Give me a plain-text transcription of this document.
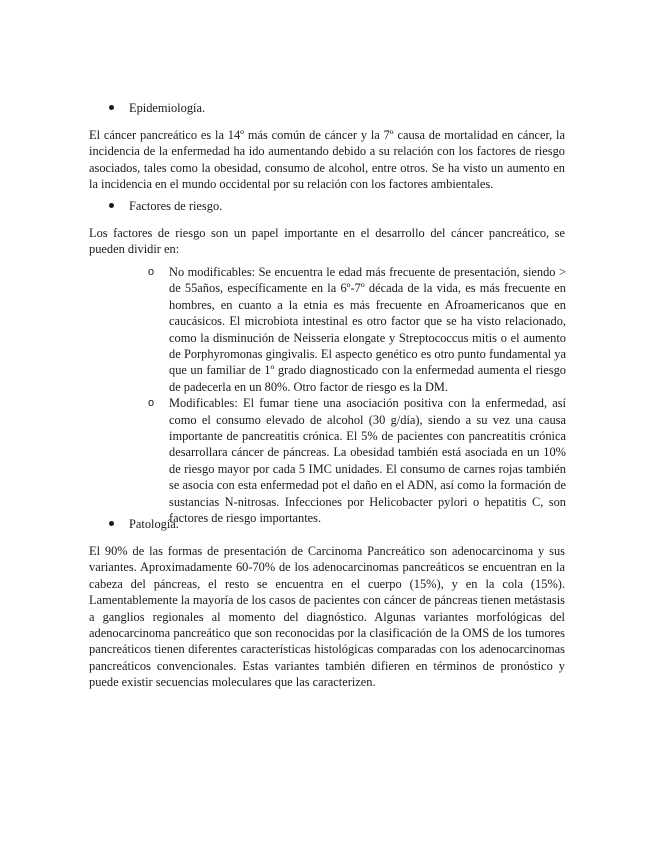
Epidemiología.
El cáncer pancreático es la 14º más común de cáncer y la 7º causa de mortalidad en cáncer, la incidencia de la enfermedad ha ido aumentando debido a su relación con los factores de riesgo asociados, tales como la obesidad, consumo de alcohol, entre otros. Se ha visto un aumento en la incidencia en el mundo occidental por su relación con los factores ambientales.
Factores de riesgo.
Los factores de riesgo son un papel importante en el desarrollo del cáncer pancreático, se pueden dividir en:
o No modificables: Se encuentra le edad más frecuente de presentación, siendo > de 55años, específicamente en la 6º-7º década de la vida, es más frecuente en hombres, en cuanto a la etnia es más frecuente en Afroamericanos que en caucásicos. El microbiota intestinal es otro factor que se ha visto relacionado, como la disminución de Neisseria elongate y Streptococcus mitis o el aumento de Porphyromonas gingivalis. El aspecto genético es otro punto fundamental ya que un familiar de 1º grado diagnosticado con la enfermedad aumenta el riesgo de padecerla en un 80%. Otro factor de riesgo es la DM.
o Modificables: El fumar tiene una asociación positiva con la enfermedad, así como el consumo elevado de alcohol (30 g/día), siendo a su vez una causa importante de pancreatitis crónica. El 5% de pacientes con pancreatitis crónica desarrollara cáncer de páncreas. La obesidad también está asociada en un 10% de riesgo mayor por cada 5 IMC unidades. El consumo de carnes rojas también se asocia con esta enfermedad pot el daño en el ADN, así como la formación de sustancias N-nitrosas. Infecciones por Helicobacter pylori o hepatitis C, son factores de riesgo importantes.
Patología.
El 90% de las formas de presentación de Carcinoma Pancreático son adenocarcinoma y sus variantes. Aproximadamente 60-70% de los adenocarcinomas pancreáticos se encuentran en la cabeza del páncreas, el resto se encuentra en el cuerpo (15%), y en la cola (15%). Lamentablemente la mayoría de los casos de pacientes con cáncer de páncreas tienen metástasis a ganglios regionales al momento del diagnóstico. Algunas variantes morfológicas del adenocarcinoma pancreático que son reconocidas por la clasificación de la OMS de los tumores pancreáticos tienen diferentes características histológicas comparadas con los adenocarcinomas pancreáticos convencionales. Estas variantes también difieren en términos de pronóstico y puede existir secuencias moleculares que las caracterizen.
